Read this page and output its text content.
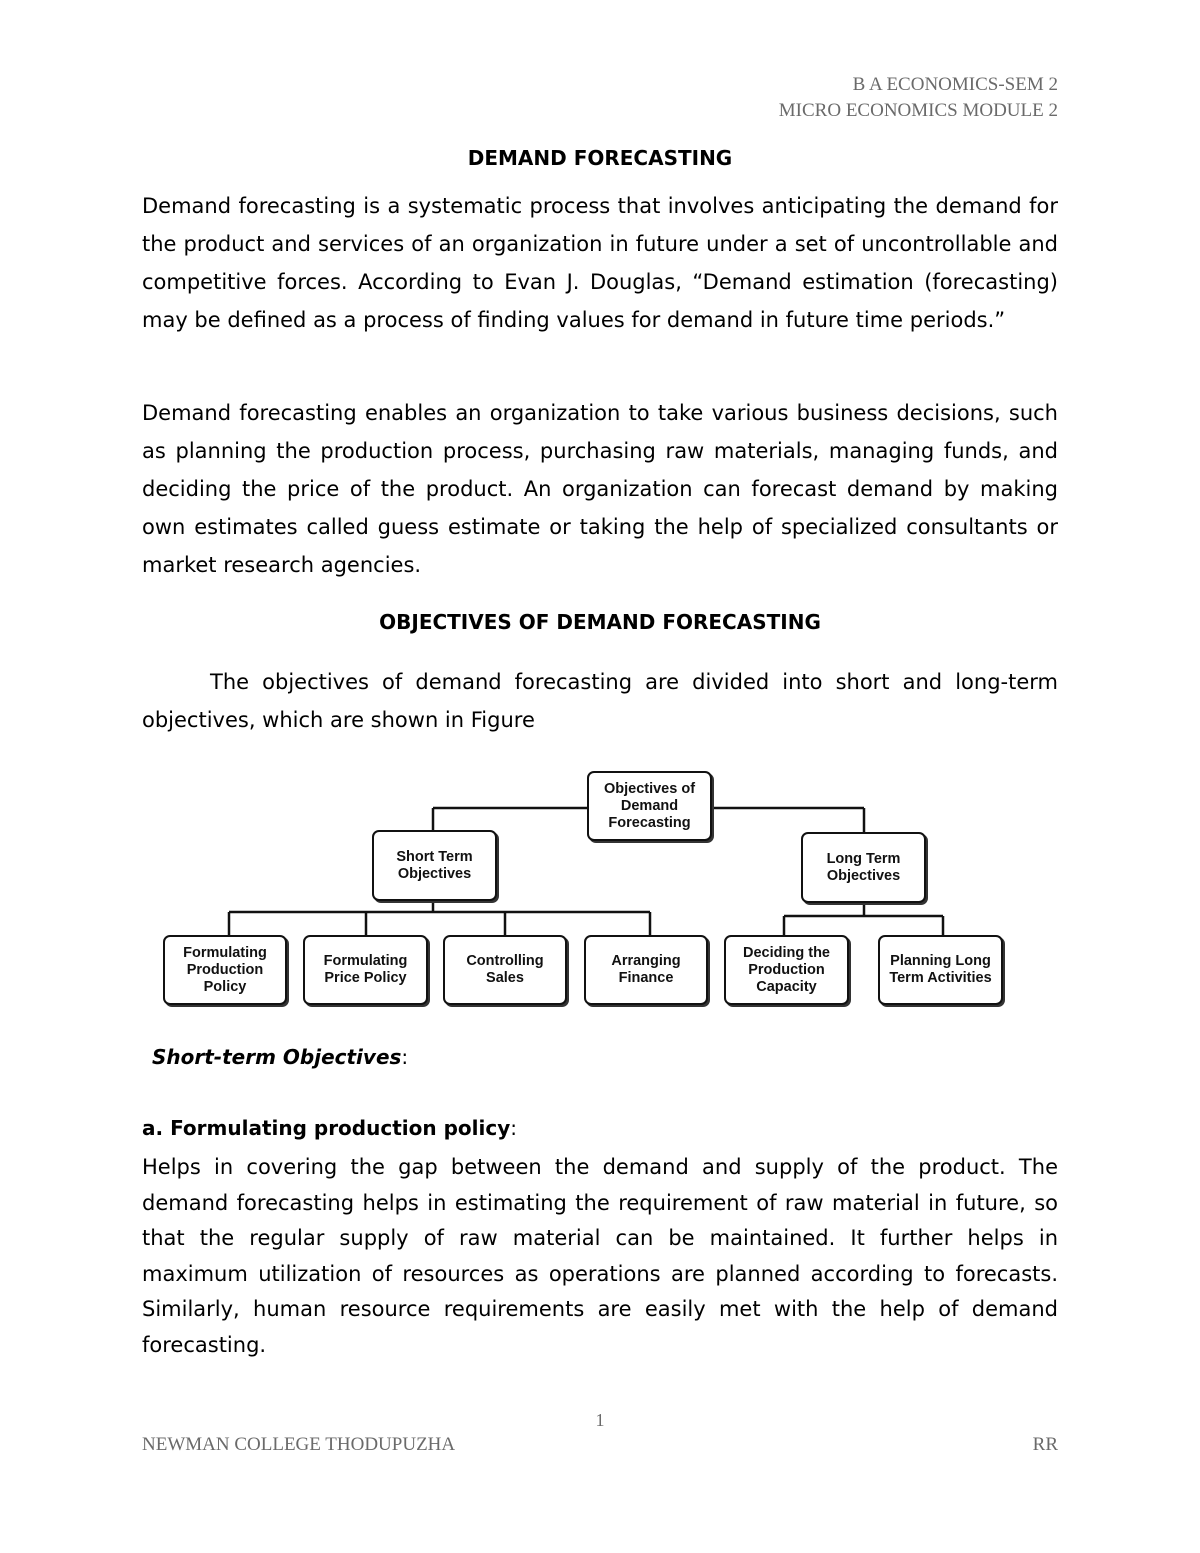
B A ECONOMICS-SEM 2
MICRO ECONOMICS MODULE 2
DEMAND FORECASTING
Demand forecasting is a systematic process that involves anticipating the demand for the product and services of an organization in future under a set of uncontrollable and competitive forces. According to Evan J. Douglas, “Demand estimation (forecasting) may be defined as a process of finding values for demand in future time periods.”
Demand forecasting enables an organization to take various business decisions, such as planning the production process, purchasing raw materials, managing funds, and deciding the price of the product. An organization can forecast demand by making own estimates called guess estimate or taking the help of specialized consultants or market research agencies.
OBJECTIVES OF DEMAND FORECASTING
The objectives of demand forecasting are divided into short and long-term objectives, which are shown in Figure
Objectives of Demand Forecasting
Short Term Objectives
Long Term Objectives
Formulating Production Policy
Formulating Price Policy
Controlling Sales
Arranging Finance
Deciding the Production Capacity
Planning Long Term Activities
Short-term Objectives:
a. Formulating production policy:
Helps in covering the gap between the demand and supply of the product. The demand forecasting helps in estimating the requirement of raw material in future, so that the regular supply of raw material can be maintained. It further helps in maximum utilization of resources as operations are planned according to forecasts. Similarly, human resource requirements are easily met with the help of demand forecasting.
1
NEWMAN COLLEGE THODUPUZHA	RR
